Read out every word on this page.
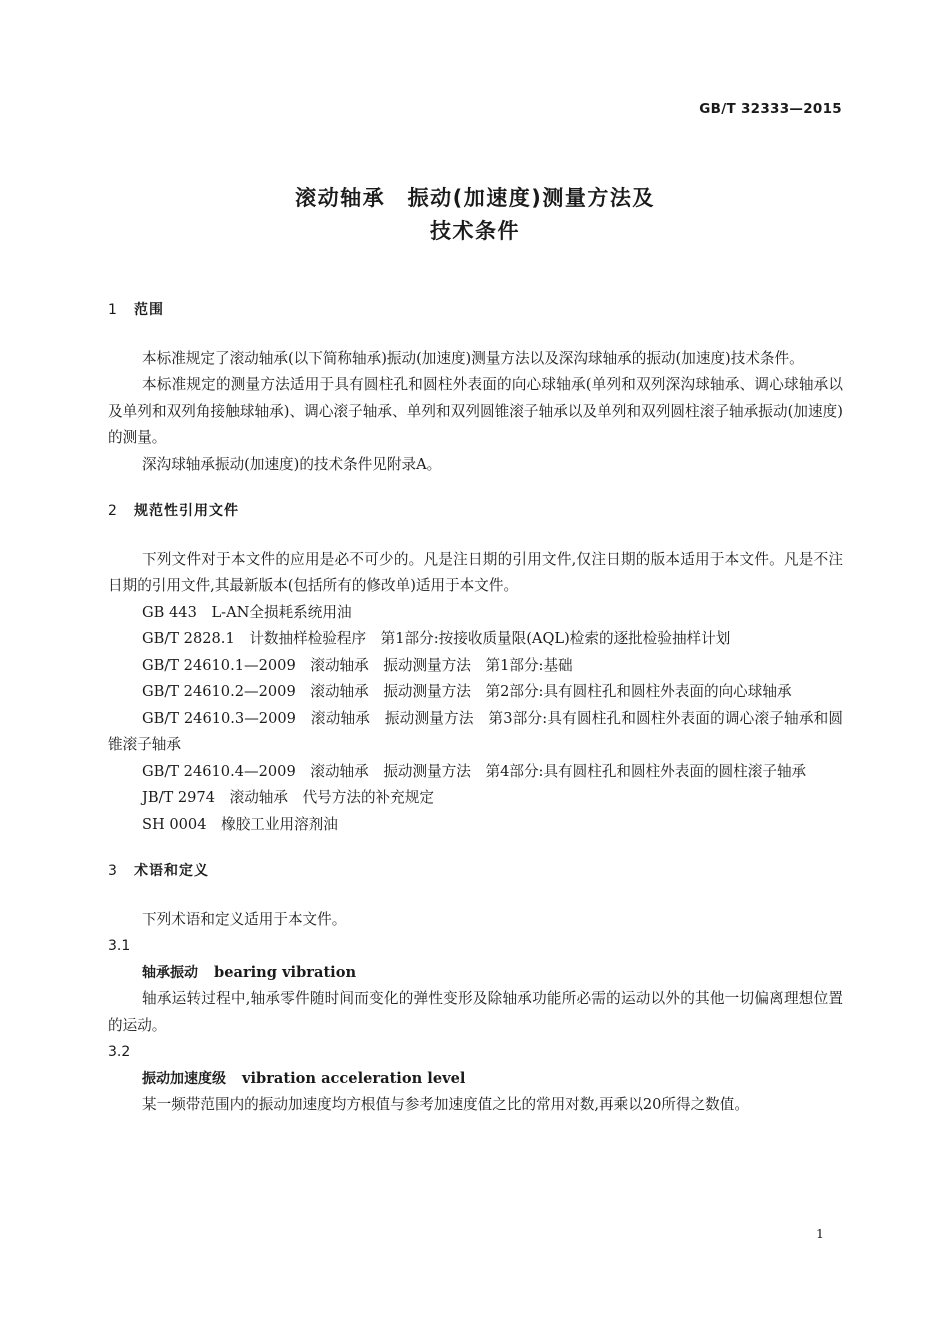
GB/T 32333—2015
滚动轴承　振动(加速度)测量方法及
技术条件
1 范围

本标准规定了滚动轴承(以下简称轴承)振动(加速度)测量方法以及深沟球轴承的振动(加速度)技术条件。

本标准规定的测量方法适用于具有圆柱孔和圆柱外表面的向心球轴承(单列和双列深沟球轴承、调心球轴承以及单列和双列角接触球轴承)、调心滚子轴承、单列和双列圆锥滚子轴承以及单列和双列圆柱滚子轴承振动(加速度)的测量。

深沟球轴承振动(加速度)的技术条件见附录A。

2 规范性引用文件

下列文件对于本文件的应用是必不可少的。凡是注日期的引用文件,仅注日期的版本适用于本文件。凡是不注日期的引用文件,其最新版本(包括所有的修改单)适用于本文件。

GB 443　L-AN全损耗系统用油

GB/T 2828.1　计数抽样检验程序　第1部分:按接收质量限(AQL)检索的逐批检验抽样计划

GB/T 24610.1—2009　滚动轴承　振动测量方法　第1部分:基础

GB/T 24610.2—2009　滚动轴承　振动测量方法　第2部分:具有圆柱孔和圆柱外表面的向心球轴承

GB/T 24610.3—2009　滚动轴承　振动测量方法　第3部分:具有圆柱孔和圆柱外表面的调心滚子轴承和圆锥滚子轴承

GB/T 24610.4—2009　滚动轴承　振动测量方法　第4部分:具有圆柱孔和圆柱外表面的圆柱滚子轴承

JB/T 2974　滚动轴承　代号方法的补充规定

SH 0004　橡胶工业用溶剂油

3 术语和定义

下列术语和定义适用于本文件。

3.1
轴承振动 bearing vibration

轴承运转过程中,轴承零件随时间而变化的弹性变形及除轴承功能所必需的运动以外的其他一切偏离理想位置的运动。

3.2
振动加速度级 vibration acceleration level

某一频带范围内的振动加速度均方根值与参考加速度值之比的常用对数,再乘以20所得之数值。

1
